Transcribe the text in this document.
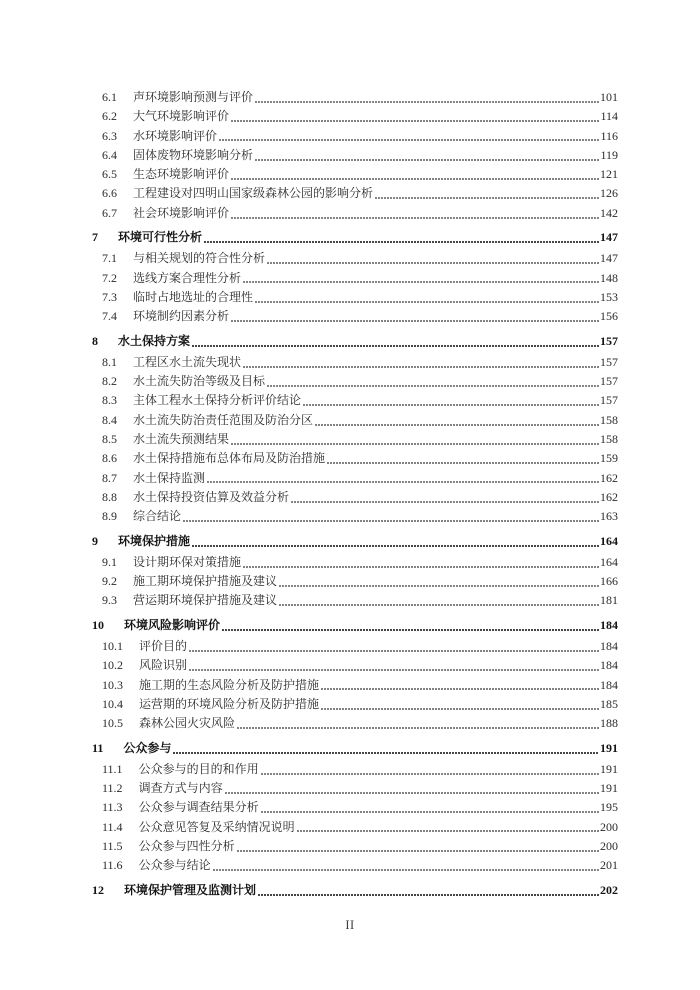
6.1 声环境影响预测与评价	101
6.2 大气环境影响评价	114
6.3 水环境影响评价	116
6.4 固体废物环境影响分析	119
6.5 生态环境影响评价	121
6.6 工程建设对四明山国家级森林公园的影响分析	126
6.7 社会环境影响评价	142
7 环境可行性分析	147
7.1 与相关规划的符合性分析	147
7.2 选线方案合理性分析	148
7.3 临时占地选址的合理性	153
7.4 环境制约因素分析	156
8 水土保持方案	157
8.1 工程区水土流失现状	157
8.2 水土流失防治等级及目标	157
8.3 主体工程水土保持分析评价结论	157
8.4 水土流失防治责任范围及防治分区	158
8.5 水土流失预测结果	158
8.6 水土保持措施布总体布局及防治措施	159
8.7 水土保持监测	162
8.8 水土保持投资估算及效益分析	162
8.9 综合结论	163
9 环境保护措施	164
9.1 设计期环保对策措施	164
9.2 施工期环境保护措施及建议	166
9.3 营运期环境保护措施及建议	181
10 环境风险影响评价	184
10.1 评价目的	184
10.2 风险识别	184
10.3 施工期的生态风险分析及防护措施	184
10.4 运营期的环境风险分析及防护措施	185
10.5 森林公园火灾风险	188
11 公众参与	191
11.1 公众参与的目的和作用	191
11.2 调查方式与内容	191
11.3 公众参与调查结果分析	195
11.4 公众意见答复及采纳情况说明	200
11.5 公众参与四性分析	200
11.6 公众参与结论	201
12 环境保护管理及监测计划	202
II
